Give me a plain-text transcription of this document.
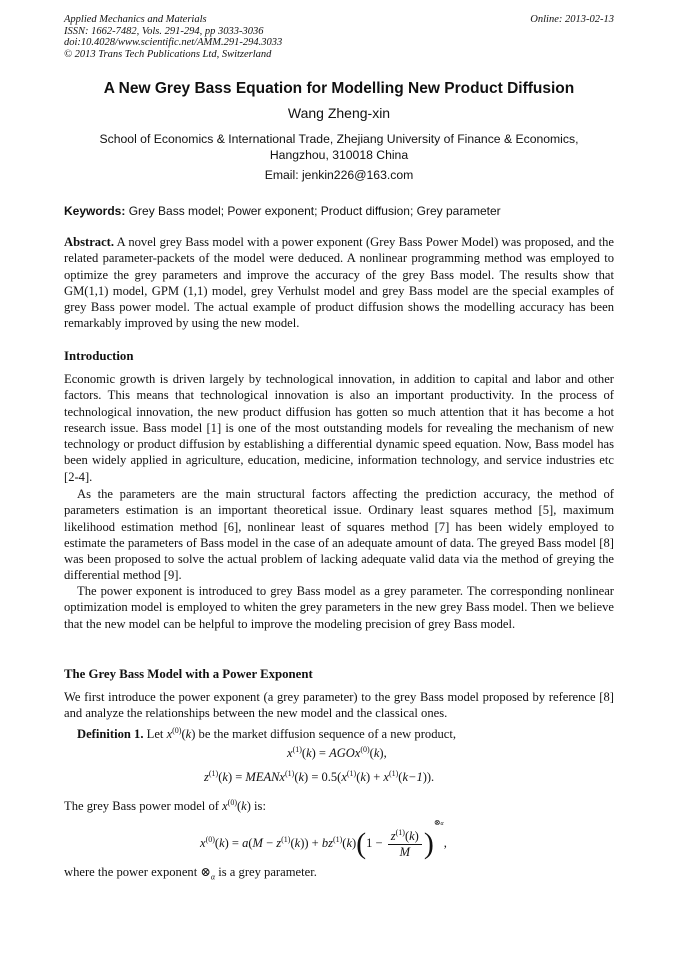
Applied Mechanics and Materials
ISSN: 1662-7482, Vols. 291-294, pp 3033-3036
doi:10.4028/www.scientific.net/AMM.291-294.3033
© 2013 Trans Tech Publications Ltd, Switzerland
Online: 2013-02-13
A New Grey Bass Equation for Modelling New Product Diffusion
Wang Zheng-xin
School of Economics & International Trade, Zhejiang University of Finance & Economics,
Hangzhou, 310018 China
Email: jenkin226@163.com
Keywords: Grey Bass model; Power exponent; Product diffusion; Grey parameter
Abstract. A novel grey Bass model with a power exponent (Grey Bass Power Model) was proposed, and the related parameter-packets of the model were deduced. A nonlinear programming method was employed to optimize the grey parameters and improve the accuracy of the grey Bass model. The results show that GM(1,1) model, GPM (1,1) model, grey Verhulst model and grey Bass model are the special examples of grey Bass power model. The actual example of product diffusion shows the modelling accuracy has been remarkably improved by using the new model.
Introduction
Economic growth is driven largely by technological innovation, in addition to capital and labor and other factors. This means that technological innovation is also an important productivity. In the process of technological innovation, the new product diffusion has gotten so much attention that it has become a hot research issue. Bass model [1] is one of the most outstanding models for revealing the mechanism of new technology or product diffusion by establishing a differential dynamic speed equation. Now, Bass model has been widely applied in agriculture, education, medicine, information technology, and service industries etc [2-4].
As the parameters are the main structural factors affecting the prediction accuracy, the method of parameters estimation is an important theoretical issue. Ordinary least squares method [5], maximum likelihood estimation method [6], nonlinear least of squares method [7] has been widely employed to estimate the parameters of Bass model in the case of an adequate amount of data. The greyed Bass model [8] was been proposed to solve the actual problem of lacking adequate valid data via the method of greying the differential method [9].
The power exponent is introduced to grey Bass model as a grey parameter. The corresponding nonlinear optimization model is employed to whiten the grey parameters in the new grey Bass model. Then we believe that the new model can be helpful to improve the modeling precision of grey Bass model.
The Grey Bass Model with a Power Exponent
We first introduce the power exponent (a grey parameter) to the grey Bass model proposed by reference [8] and analyze the relationships between the new model and the classical ones.
Definition 1. Let $x^{(0)}(k)$ be the market diffusion sequence of a new product,
$x^{(1)}(k)$ = AGOx$^{(0)}$(k),
$z^{(1)}(k)$ = MEANx$^{(1)}$(k) = $0.5(x^{(1)}(k) + x^{(1)}(k-1))$.
The grey Bass power model of $x^{(0)}(k)$ is:
$x^{(0)}(k) = a(M - z^{(1)}(k)) + bz^{(1)}(k)(1 - \frac{z^{(1)}(k)}{M} )^{\otimes\alpha}$,
where the power exponent $\otimes_\alpha$ is a grey parameter.
